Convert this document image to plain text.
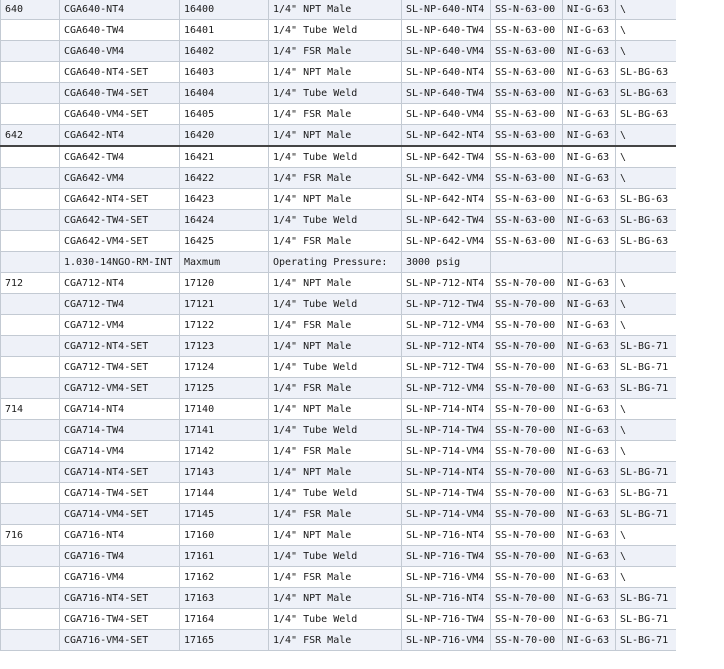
640	CGA640-NT4	16400	1/4" NPT Male	SL-NP-640-NT4	SS-N-63-00	NI-G-63	\
	CGA640-TW4	16401	1/4" Tube Weld	SL-NP-640-TW4	SS-N-63-00	NI-G-63	\
	CGA640-VM4	16402	1/4" FSR Male	SL-NP-640-VM4	SS-N-63-00	NI-G-63	\
	CGA640-NT4-SET	16403	1/4" NPT Male	SL-NP-640-NT4	SS-N-63-00	NI-G-63	SL-BG-63
	CGA640-TW4-SET	16404	1/4" Tube Weld	SL-NP-640-TW4	SS-N-63-00	NI-G-63	SL-BG-63
	CGA640-VM4-SET	16405	1/4" FSR Male	SL-NP-640-VM4	SS-N-63-00	NI-G-63	SL-BG-63
642	CGA642-NT4	16420	1/4" NPT Male	SL-NP-642-NT4	SS-N-63-00	NI-G-63	\
	CGA642-TW4	16421	1/4" Tube Weld	SL-NP-642-TW4	SS-N-63-00	NI-G-63	\
	CGA642-VM4	16422	1/4" FSR Male	SL-NP-642-VM4	SS-N-63-00	NI-G-63	\
	CGA642-NT4-SET	16423	1/4" NPT Male	SL-NP-642-NT4	SS-N-63-00	NI-G-63	SL-BG-63
	CGA642-TW4-SET	16424	1/4" Tube Weld	SL-NP-642-TW4	SS-N-63-00	NI-G-63	SL-BG-63
	CGA642-VM4-SET	16425	1/4" FSR Male	SL-NP-642-VM4	SS-N-63-00	NI-G-63	SL-BG-63
	1.030-14NGO-RM-INT	Maxmum	Operating Pressure:	3000 psig			
712	CGA712-NT4	17120	1/4" NPT Male	SL-NP-712-NT4	SS-N-70-00	NI-G-63	\
	CGA712-TW4	17121	1/4" Tube Weld	SL-NP-712-TW4	SS-N-70-00	NI-G-63	\
	CGA712-VM4	17122	1/4" FSR Male	SL-NP-712-VM4	SS-N-70-00	NI-G-63	\
	CGA712-NT4-SET	17123	1/4" NPT Male	SL-NP-712-NT4	SS-N-70-00	NI-G-63	SL-BG-71
	CGA712-TW4-SET	17124	1/4" Tube Weld	SL-NP-712-TW4	SS-N-70-00	NI-G-63	SL-BG-71
	CGA712-VM4-SET	17125	1/4" FSR Male	SL-NP-712-VM4	SS-N-70-00	NI-G-63	SL-BG-71
714	CGA714-NT4	17140	1/4" NPT Male	SL-NP-714-NT4	SS-N-70-00	NI-G-63	\
	CGA714-TW4	17141	1/4" Tube Weld	SL-NP-714-TW4	SS-N-70-00	NI-G-63	\
	CGA714-VM4	17142	1/4" FSR Male	SL-NP-714-VM4	SS-N-70-00	NI-G-63	\
	CGA714-NT4-SET	17143	1/4" NPT Male	SL-NP-714-NT4	SS-N-70-00	NI-G-63	SL-BG-71
	CGA714-TW4-SET	17144	1/4" Tube Weld	SL-NP-714-TW4	SS-N-70-00	NI-G-63	SL-BG-71
	CGA714-VM4-SET	17145	1/4" FSR Male	SL-NP-714-VM4	SS-N-70-00	NI-G-63	SL-BG-71
716	CGA716-NT4	17160	1/4" NPT Male	SL-NP-716-NT4	SS-N-70-00	NI-G-63	\
	CGA716-TW4	17161	1/4" Tube Weld	SL-NP-716-TW4	SS-N-70-00	NI-G-63	\
	CGA716-VM4	17162	1/4" FSR Male	SL-NP-716-VM4	SS-N-70-00	NI-G-63	\
	CGA716-NT4-SET	17163	1/4" NPT Male	SL-NP-716-NT4	SS-N-70-00	NI-G-63	SL-BG-71
	CGA716-TW4-SET	17164	1/4" Tube Weld	SL-NP-716-TW4	SS-N-70-00	NI-G-63	SL-BG-71
	CGA716-VM4-SET	17165	1/4" FSR Male	SL-NP-716-VM4	SS-N-70-00	NI-G-63	SL-BG-71
